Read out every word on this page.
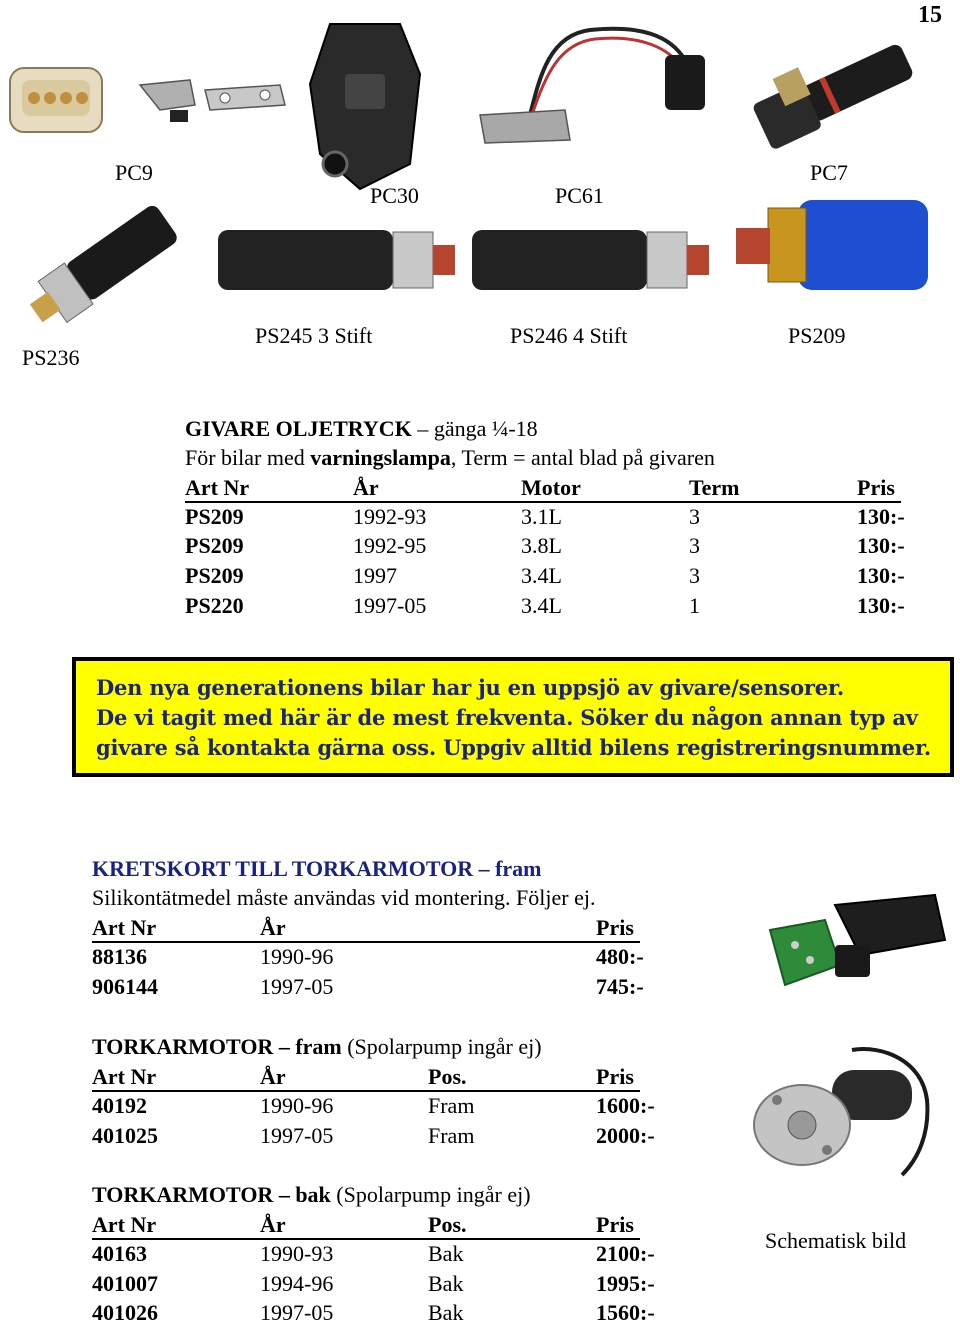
15
PC9
PC30	PC61
PC7
PS236
PS245 3 Stift	PS246 4 Stift	PS209
GIVARE OLJETRYCK – gänga ¼-18
För bilar med varningslampa, Term = antal blad på givaren
Art Nr	År	Motor	Term	Pris
PS209	1992-93	3.1L	3	130:-
PS209	1992-95	3.8L	3	130:-
PS209	1997	3.4L	3	130:-
PS220	1997-05	3.4L	1	130:-
Den nya generationens bilar har ju en uppsjö av givare/sensorer.
De vi tagit med här är de mest frekventa. Söker du någon annan typ av
givare så kontakta gärna oss. Uppgiv alltid bilens registreringsnummer.
KRETSKORT TILL TORKARMOTOR – fram
Silikontätmedel måste användas vid montering. Följer ej.
Art Nr	År	Pris
88136	1990-96	480:-
906144	1997-05	745:-
TORKARMOTOR – fram (Spolarpump ingår ej)
Art Nr	År	Pos.	Pris
40192	1990-96	Fram	1600:-
401025	1997-05	Fram	2000:-
TORKARMOTOR – bak (Spolarpump ingår ej)
Art Nr	År	Pos.	Pris
40163	1990-93	Bak	2100:-
401007	1994-96	Bak	1995:-
401026	1997-05	Bak	1560:-
Schematisk bild
